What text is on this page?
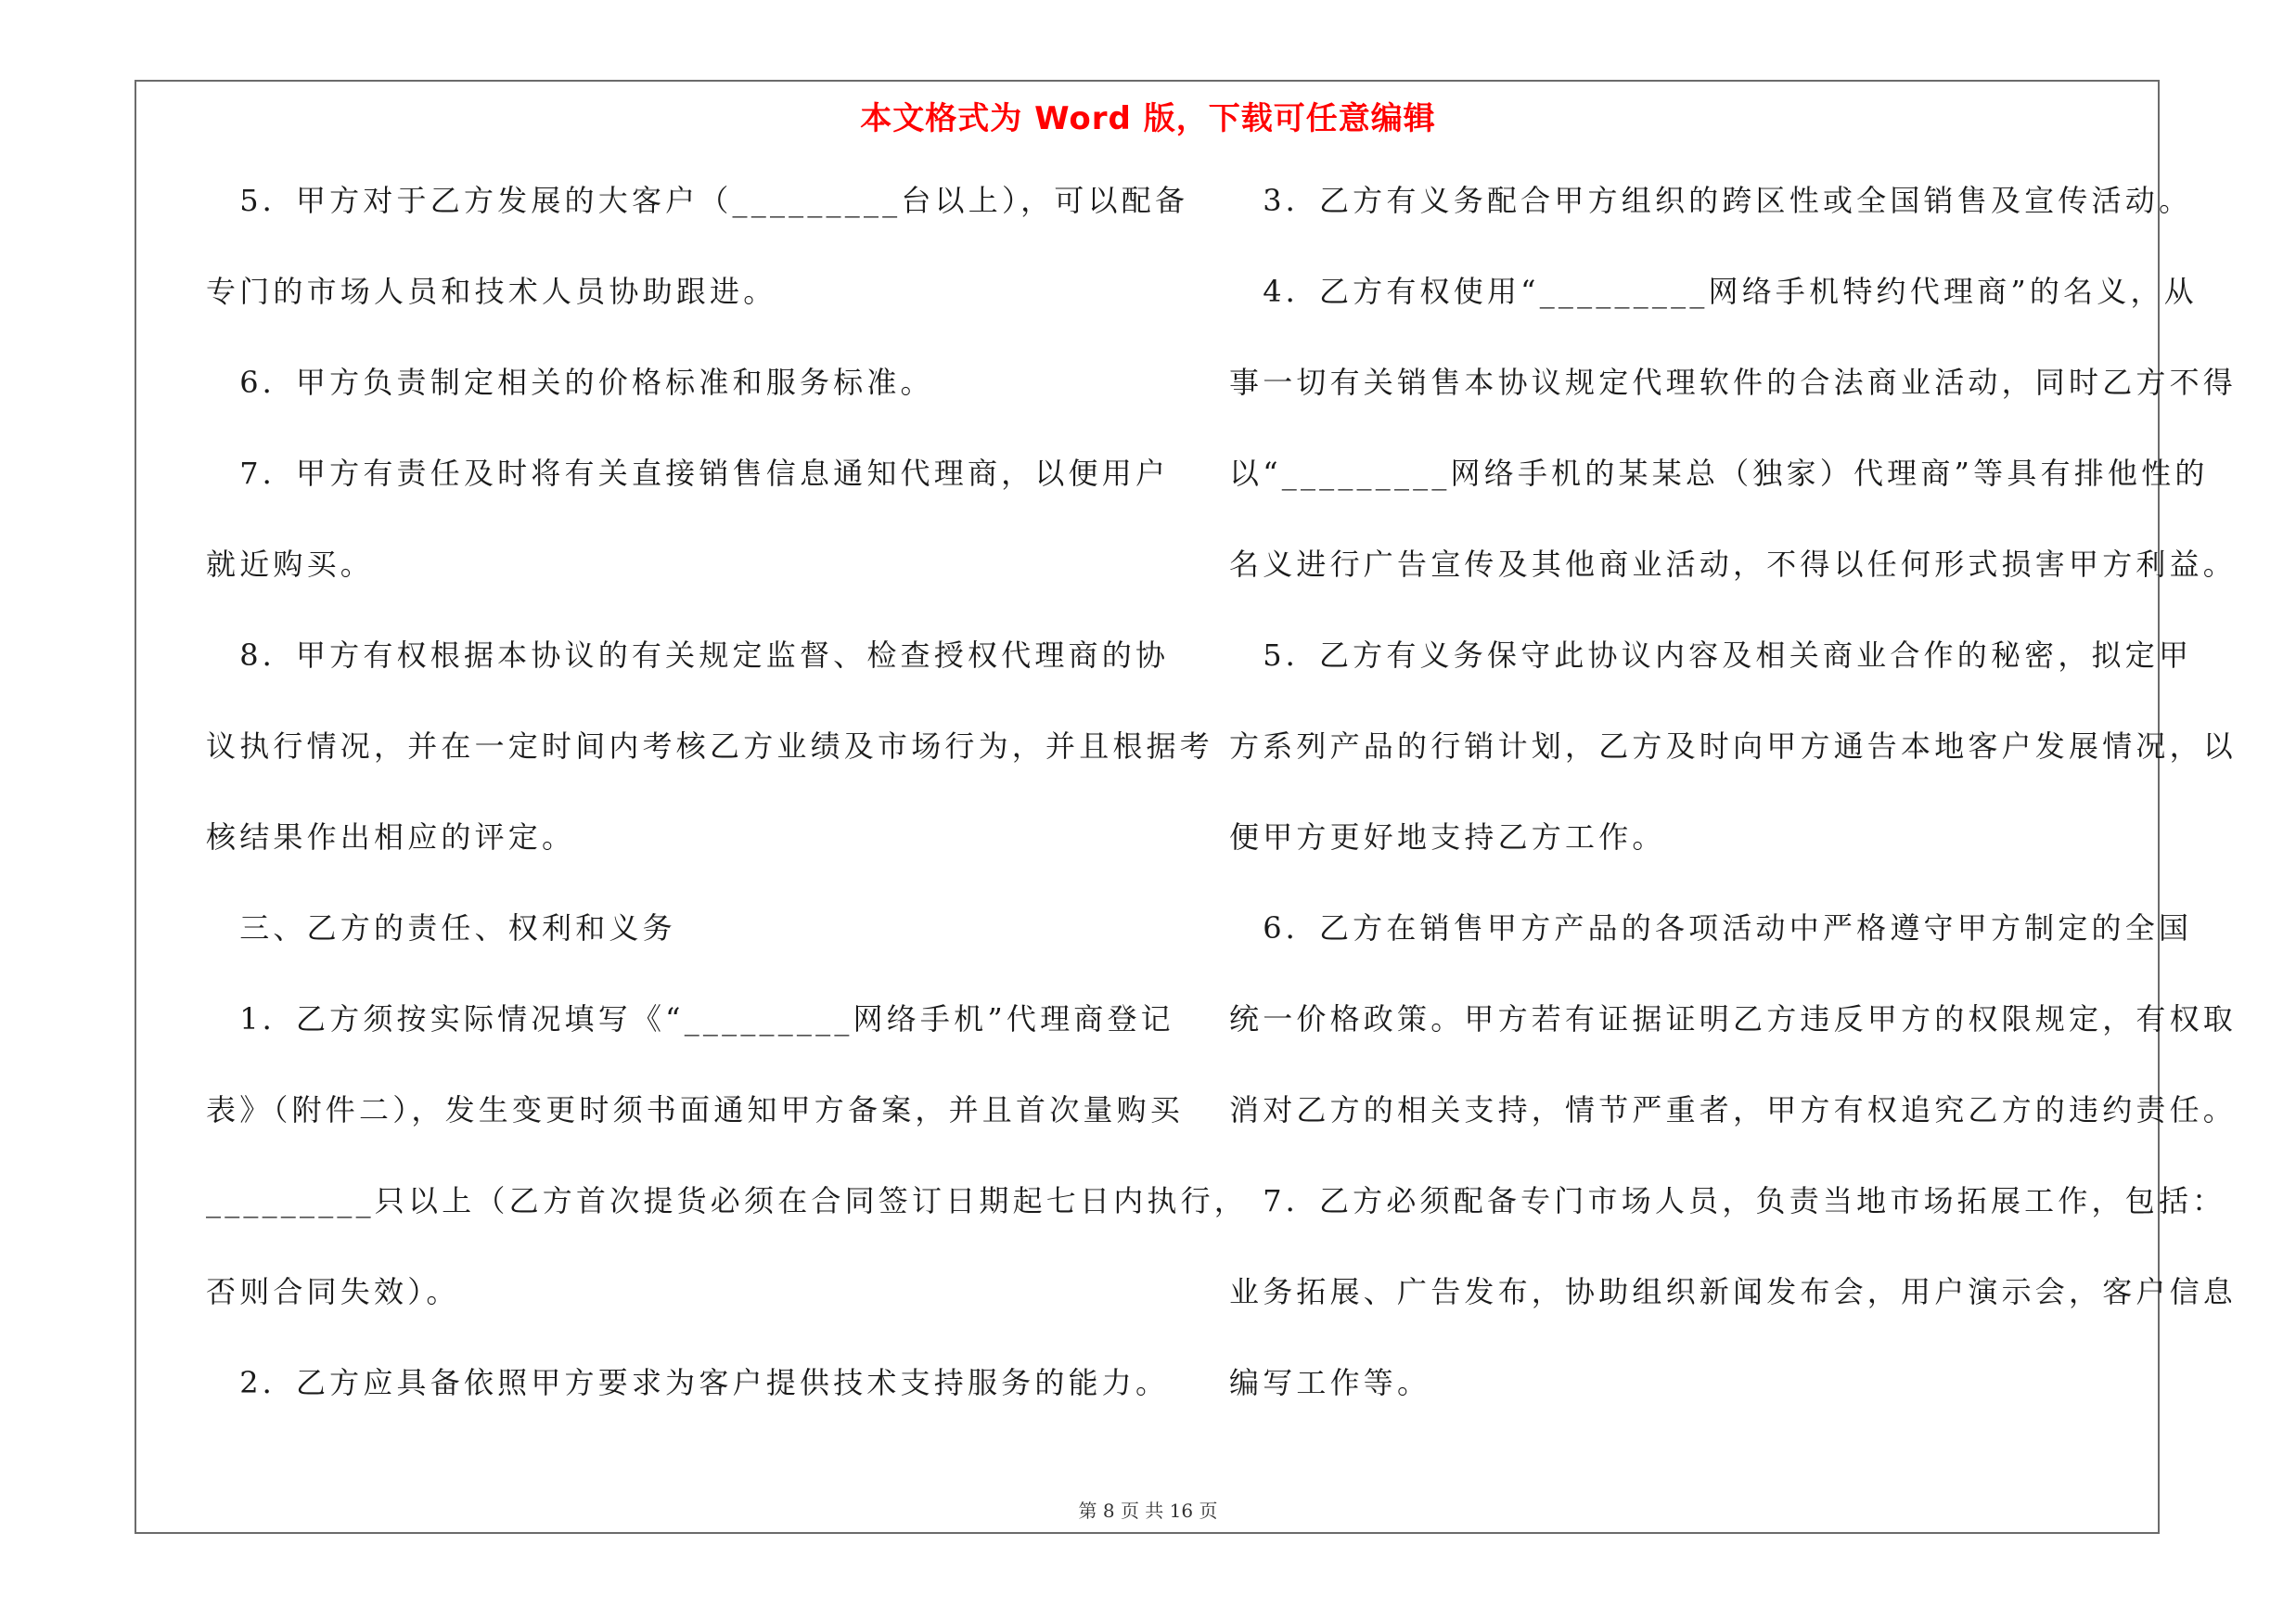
本文格式为 Word 版，下载可任意编辑
　5．甲方对于乙方发展的大客户（_________台以上），可以配备
专门的市场人员和技术人员协助跟进。
　6．甲方负责制定相关的价格标准和服务标准。
　7．甲方有责任及时将有关直接销售信息通知代理商，以便用户
就近购买。
　8．甲方有权根据本协议的有关规定监督、检查授权代理商的协
议执行情况，并在一定时间内考核乙方业绩及市场行为，并且根据考
核结果作出相应的评定。
　三、乙方的责任、权利和义务
　1．乙方须按实际情况填写《“_________网络手机”代理商登记
表》（附件二），发生变更时须书面通知甲方备案，并且首次量购买
_________只以上（乙方首次提货必须在合同签订日期起七日内执行，
否则合同失效）。
　2．乙方应具备依照甲方要求为客户提供技术支持服务的能力。
　3．乙方有义务配合甲方组织的跨区性或全国销售及宣传活动。
　4．乙方有权使用“_________网络手机特约代理商”的名义，从
事一切有关销售本协议规定代理软件的合法商业活动，同时乙方不得
以“_________网络手机的某某总（独家）代理商”等具有排他性的
名义进行广告宣传及其他商业活动，不得以任何形式损害甲方利益。
　5．乙方有义务保守此协议内容及相关商业合作的秘密，拟定甲
方系列产品的行销计划，乙方及时向甲方通告本地客户发展情况，以
便甲方更好地支持乙方工作。
　6．乙方在销售甲方产品的各项活动中严格遵守甲方制定的全国
统一价格政策。甲方若有证据证明乙方违反甲方的权限规定，有权取
消对乙方的相关支持，情节严重者，甲方有权追究乙方的违约责任。
　7．乙方必须配备专门市场人员，负责当地市场拓展工作，包括：
业务拓展、广告发布，协助组织新闻发布会，用户演示会，客户信息
编写工作等。
第 8 页 共 16 页
